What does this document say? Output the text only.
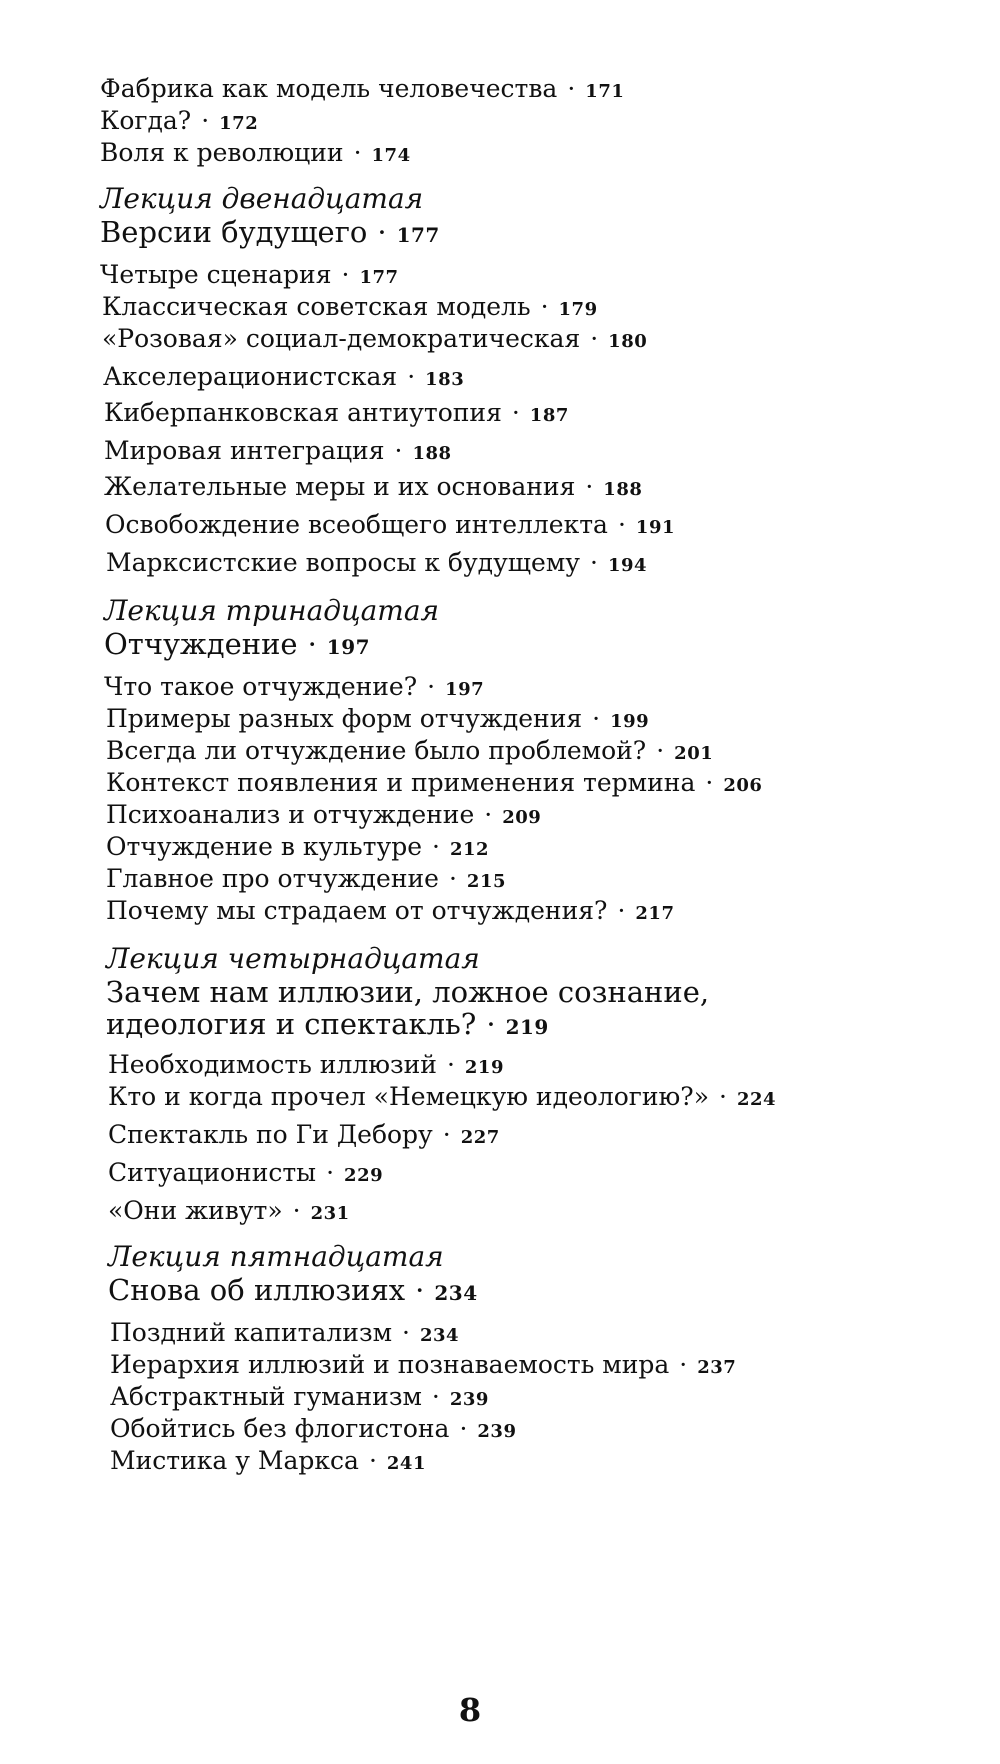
Фабрика как модель человечества · 171
Когда? · 172
Воля к революции · 174
Лекция двенадцатая
Версии будущего · 177
Четыре сценария · 177
Классическая советская модель · 179
«Розовая» социал-демократическая · 180
Акселерационистская · 183
Киберпанковская антиутопия · 187
Мировая интеграция · 188
Желательные меры и их основания · 188
Освобождение всеобщего интеллекта · 191
Марксистские вопросы к будущему · 194
Лекция тринадцатая
Отчуждение · 197
Что такое отчуждение? · 197
Примеры разных форм отчуждения · 199
Всегда ли отчуждение было проблемой? · 201
Контекст появления и применения термина · 206
Психоанализ и отчуждение · 209
Отчуждение в культуре · 212
Главное про отчуждение · 215
Почему мы страдаем от отчуждения? · 217
Лекция четырнадцатая
Зачем нам иллюзии, ложное сознание,
идеология и спектакль? · 219
Необходимость иллюзий · 219
Кто и когда прочел «Немецкую идеологию?» · 224
Спектакль по Ги Дебору · 227
Ситуационисты · 229
«Они живут» · 231
Лекция пятнадцатая
Снова об иллюзиях · 234
Поздний капитализм · 234
Иерархия иллюзий и познаваемость мира · 237
Абстрактный гуманизм · 239
Обойтись без флогистона · 239
Мистика у Маркса · 241
8
